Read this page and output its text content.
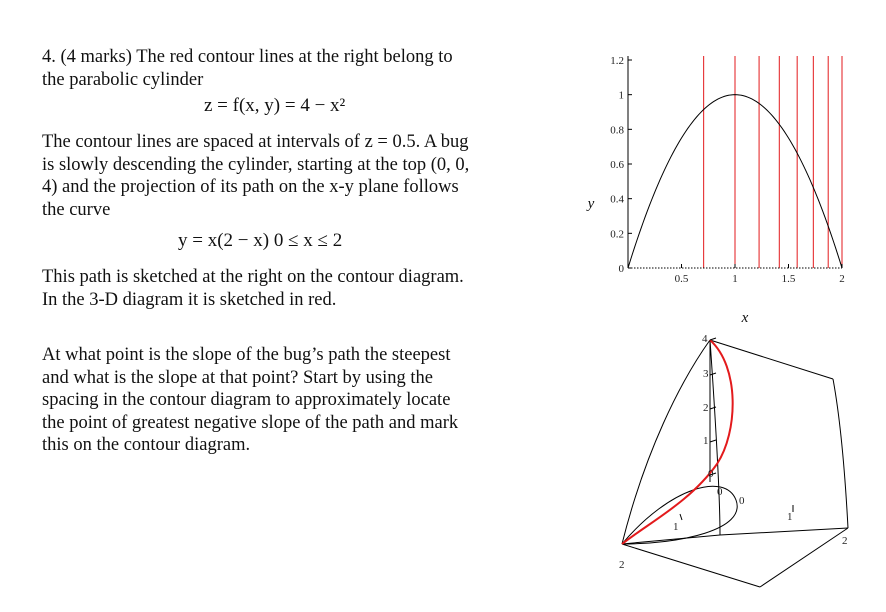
4. (4 marks) The red contour lines at the right belong to
the parabolic cylinder
z = f(x, y) = 4 − x²
The contour lines are spaced at intervals of z = 0.5. A bug
is slowly descending the cylinder, starting at the top (0, 0,
4) and the projection of its path on the x-y plane follows
the curve
y = x(2 − x) 0 ≤ x ≤ 2
This path is sketched at the right on the contour diagram.
In the 3-D diagram it is sketched in red.
At what point is the slope of the bug’s path the steepest
and what is the slope at that point? Start by using the
spacing in the contour diagram to approximately locate
the point of greatest negative slope of the path and mark
this on the contour diagram.
0
0.2
0.4
0.6
0.8
1
1.2
0.5	1	1.5	2
y
x
4
3
2
1
0
2
1
0
0
1
2
